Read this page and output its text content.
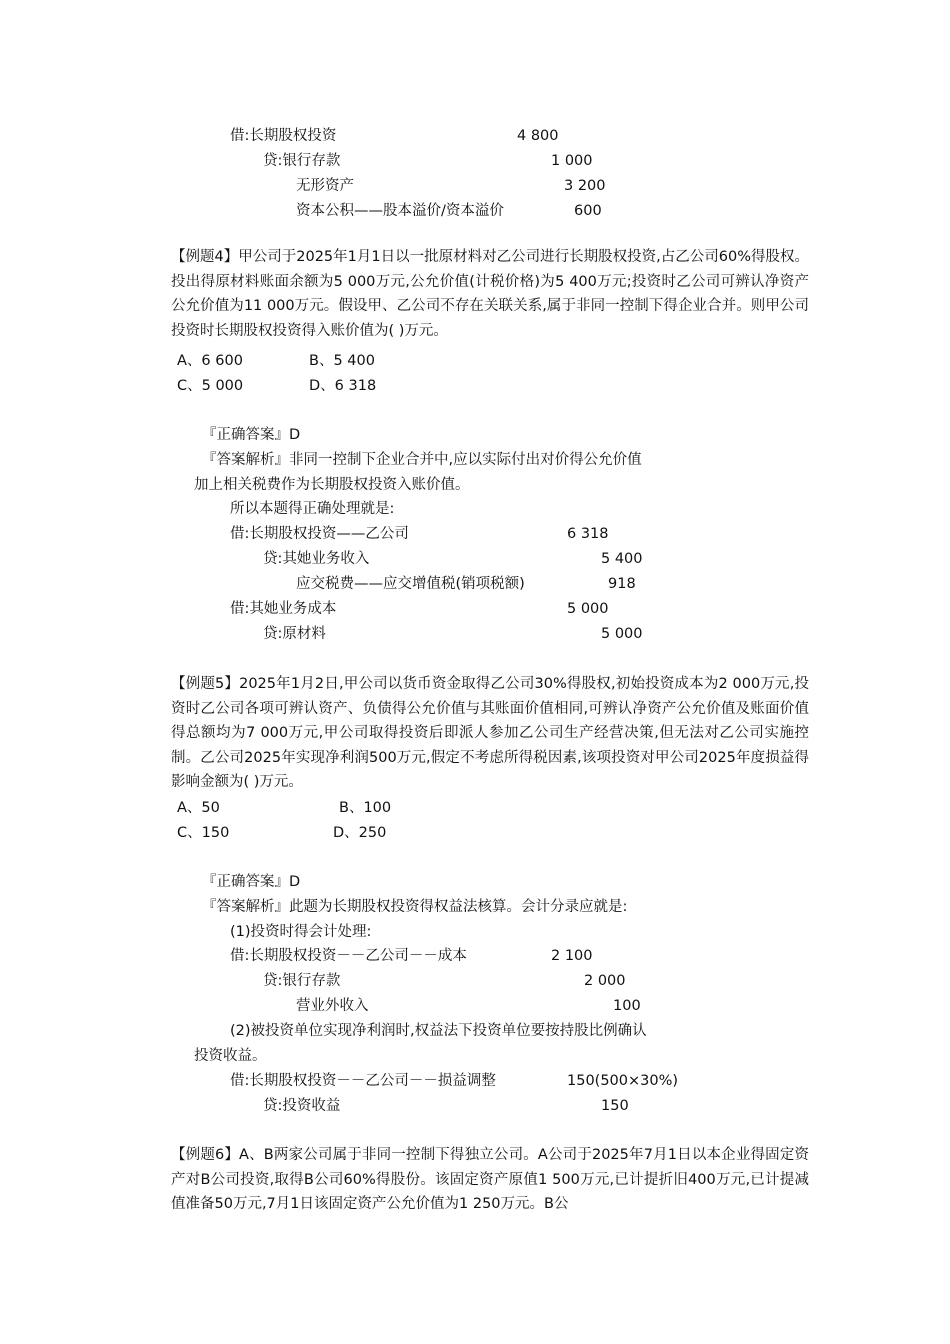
借:长期股权投资	4 800
贷:银行存款	1 000
无形资产	3 200
资本公积——股本溢价/资本溢价	600
【例题4】甲公司于2025年1月1日以一批原材料对乙公司进行长期股权投资,占乙公司60%得股权。投出得原材料账面余额为5 000万元,公允价值(计税价格)为5 400万元;投资时乙公司可辨认净资产公允价值为11 000万元。假设甲、乙公司不存在关联关系,属于非同一控制下得企业合并。则甲公司投资时长期股权投资得入账价值为( )万元。
A、6 600	B、5 400
C、5 000	D、6 318
『正确答案』D
『答案解析』非同一控制下企业合并中,应以实际付出对价得公允价值
加上相关税费作为长期股权投资入账价值。
所以本题得正确处理就是:
借:长期股权投资——乙公司	6 318
贷:其她业务收入	5 400
应交税费——应交增值税(销项税额)	918
借:其她业务成本	5 000
贷:原材料	5 000
【例题5】2025年1月2日,甲公司以货币资金取得乙公司30%得股权,初始投资成本为2 000万元,投资时乙公司各项可辨认资产、负债得公允价值与其账面价值相同,可辨认净资产公允价值及账面价值得总额均为7 000万元,甲公司取得投资后即派人参加乙公司生产经营决策,但无法对乙公司实施控制。乙公司2025年实现净利润500万元,假定不考虑所得税因素,该项投资对甲公司2025年度损益得影响金额为( )万元。
A、50	B、100
C、150	D、250
『正确答案』D
『答案解析』此题为长期股权投资得权益法核算。会计分录应就是:
(1)投资时得会计处理:
借:长期股权投资－－乙公司－－成本	2 100
贷:银行存款	2 000
营业外收入	100
(2)被投资单位实现净利润时,权益法下投资单位要按持股比例确认
投资收益。
借:长期股权投资－－乙公司－－损益调整	150(500×30%)
贷:投资收益	150
【例题6】A、B两家公司属于非同一控制下得独立公司。A公司于2025年7月1日以本企业得固定资产对B公司投资,取得B公司60%得股份。该固定资产原值1 500万元,已计提折旧400万元,已计提减值准备50万元,7月1日该固定资产公允价值为1 250万元。B公
